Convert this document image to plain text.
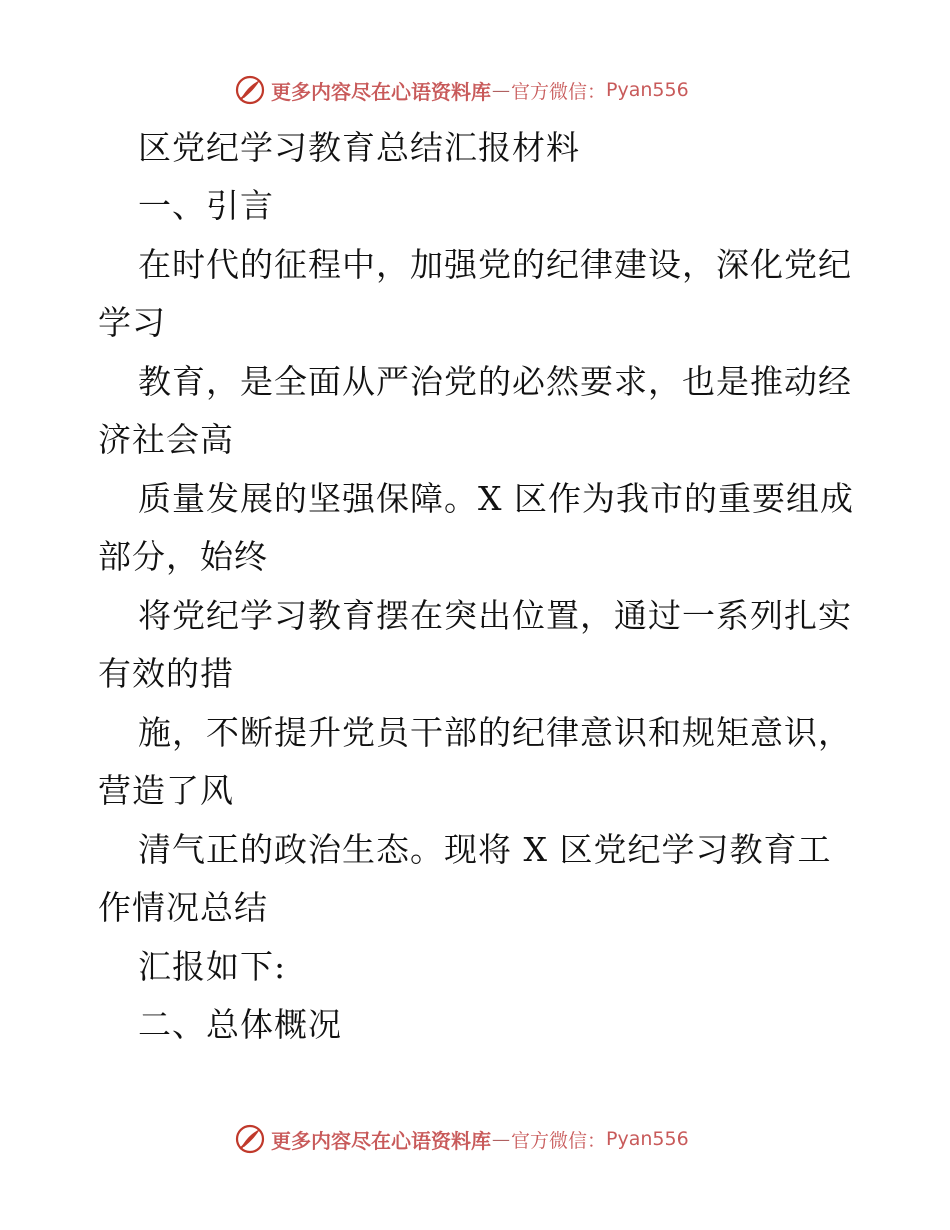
更多内容尽在心语资料库 — 官方微信： Pyan556
区党纪学习教育总结汇报材料
一、引言
在时代的征程中，加强党的纪律建设，深化党纪
学习
教育，是全面从严治党的必然要求，也是推动经
济社会高
质量发展的坚强保障。X 区作为我市的重要组成
部分，始终
将党纪学习教育摆在突出位置，通过一系列扎实
有效的措
施，不断提升党员干部的纪律意识和规矩意识，
营造了风
清气正的政治生态。现将 X 区党纪学习教育工
作情况总结
汇报如下:
二、总体概况
更多内容尽在心语资料库 — 官方微信： Pyan556
